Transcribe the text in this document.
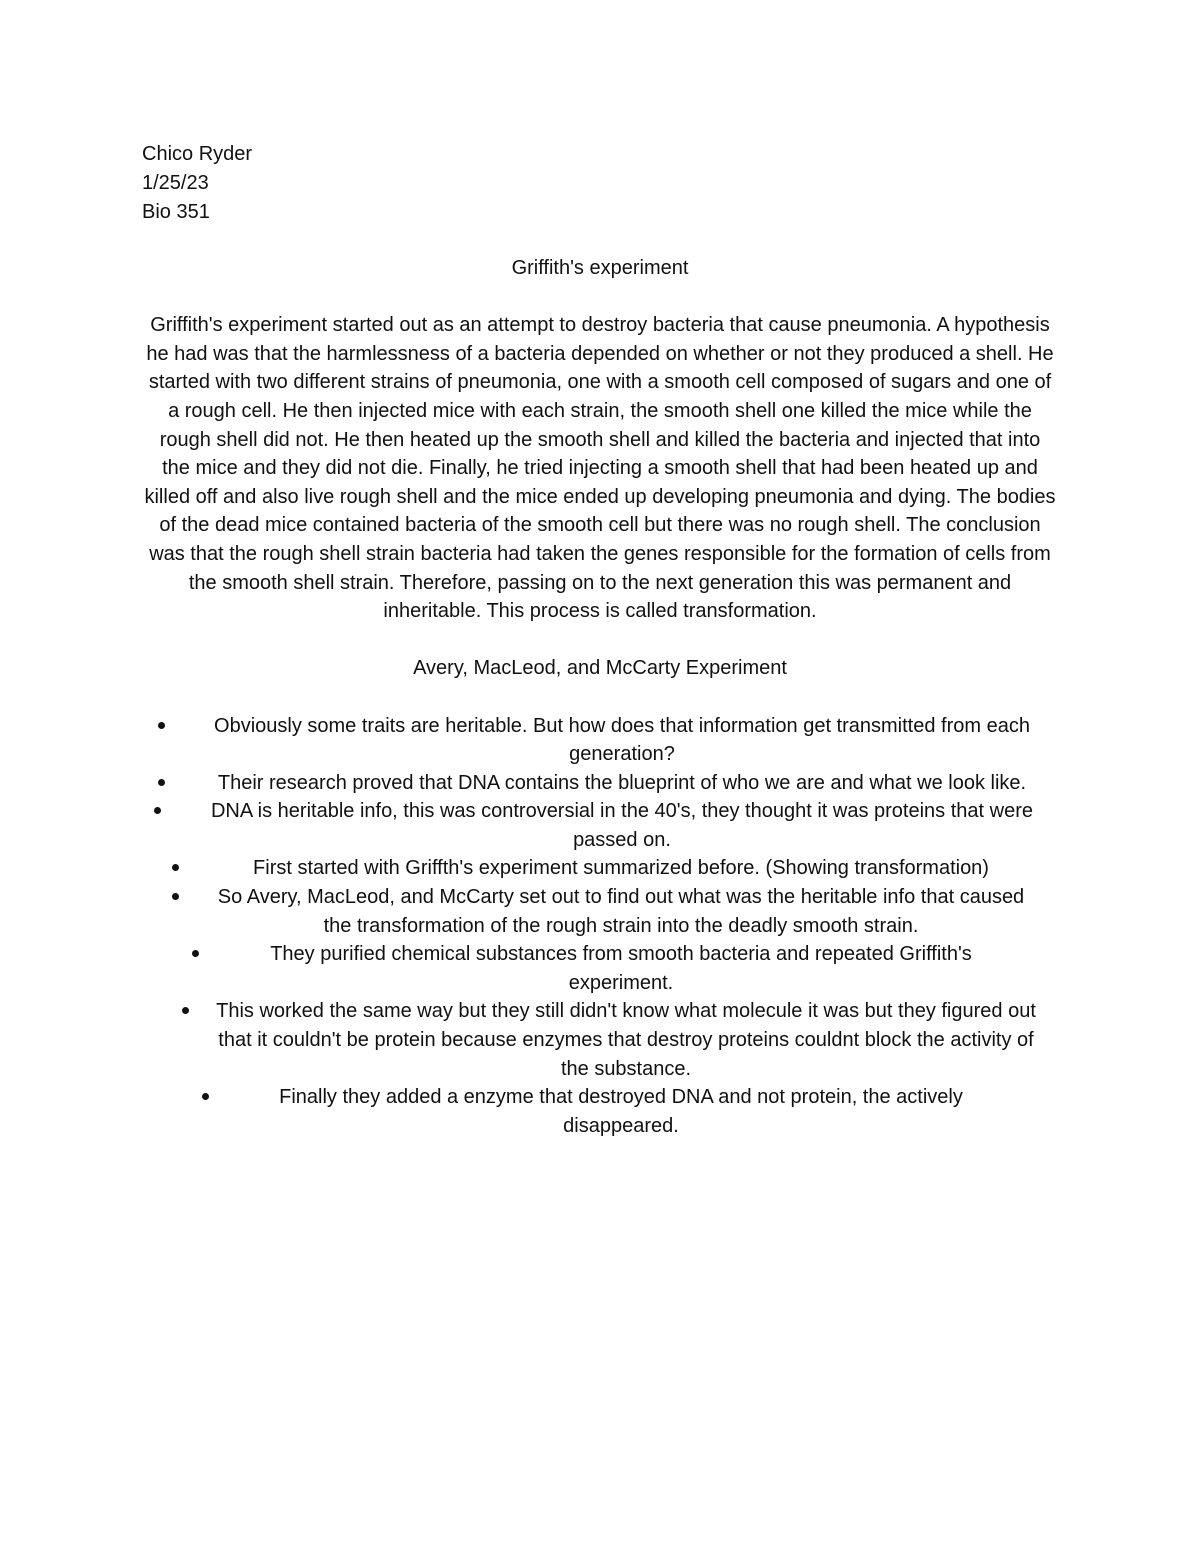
Chico Ryder
1/25/23
Bio 351
Griffith's experiment

Griffith's experiment started out as an attempt to destroy bacteria that cause pneumonia. A hypothesis he had was that the harmlessness of a bacteria depended on whether or not they produced a shell. He started with two different strains of pneumonia, one with a smooth cell composed of sugars and one of a rough cell. He then injected mice with each strain, the smooth shell one killed the mice while the rough shell did not. He then heated up the smooth shell and killed the bacteria and injected that into the mice and they did not die. Finally, he tried injecting a smooth shell that had been heated up and killed off and also live rough shell and the mice ended up developing pneumonia and dying. The bodies of the dead mice contained bacteria of the smooth cell but there was no rough shell. The conclusion was that the rough shell strain bacteria had taken the genes responsible for the formation of cells from the smooth shell strain. Therefore, passing on to the next generation this was permanent and inheritable. This process is called transformation.

Avery, MacLeod, and McCarty Experiment
Obviously some traits are heritable. But how does that information get transmitted from each generation?
Their research proved that DNA contains the blueprint of who we are and what we look like.
DNA is heritable info, this was controversial in the 40's, they thought it was proteins that were passed on.
First started with Griffth's experiment summarized before. (Showing transformation)
So Avery, MacLeod, and McCarty set out to find out what was the heritable info that caused the transformation of the rough strain into the deadly smooth strain.
They purified chemical substances from smooth bacteria and repeated Griffith's experiment.
This worked the same way but they still didn't know what molecule it was but they figured out that it couldn't be protein because enzymes that destroy proteins couldnt block the activity of the substance.
Finally they added a enzyme that destroyed DNA and not protein, the actively disappeared.
